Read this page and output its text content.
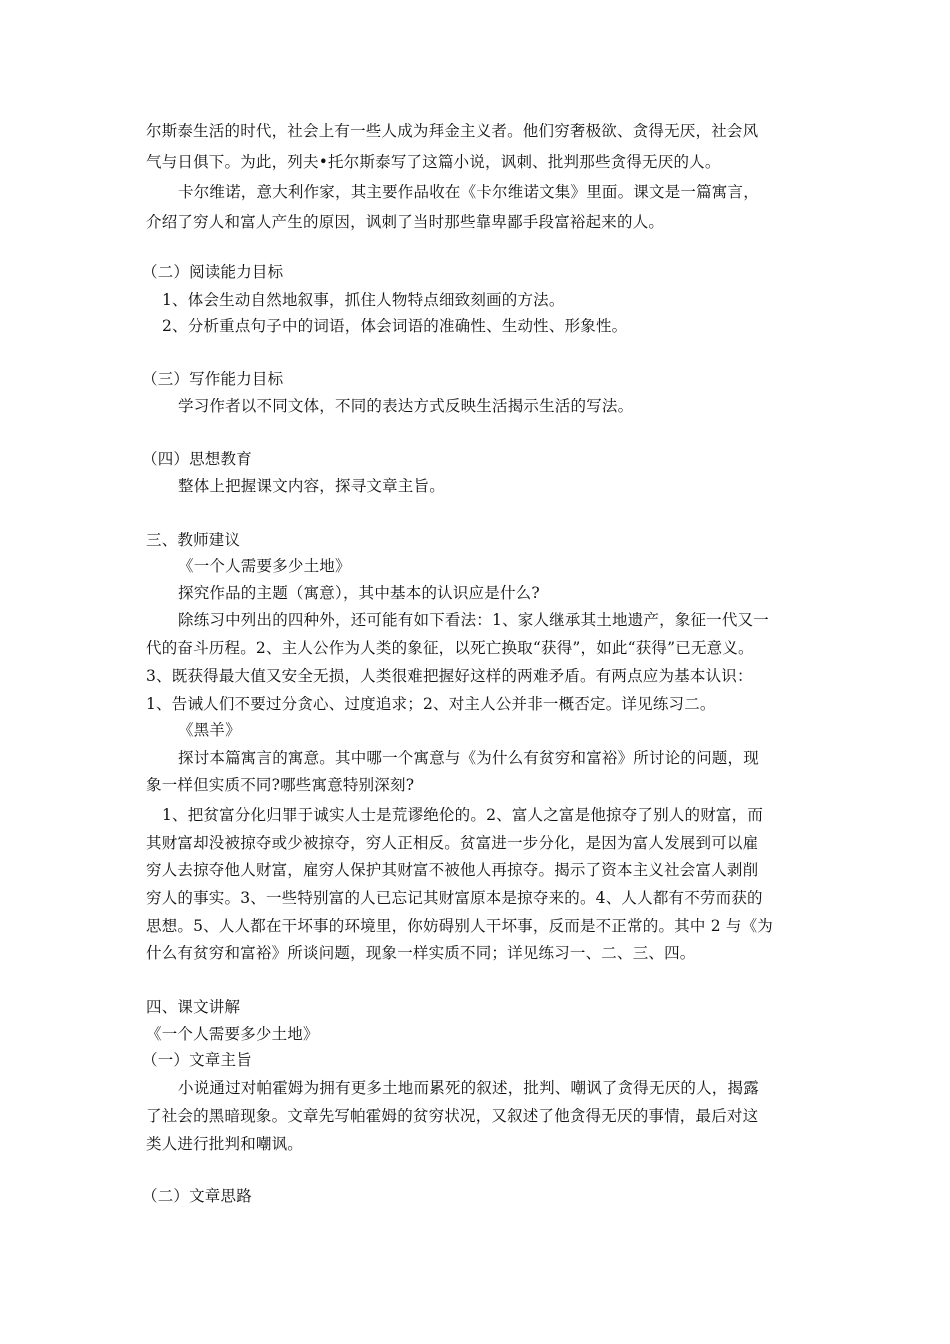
尔斯泰生活的时代，社会上有一些人成为拜金主义者。他们穷奢极欲、贪得无厌，社会风
气与日俱下。为此，列夫•托尔斯泰写了这篇小说，讽刺、批判那些贪得无厌的人。
卡尔维诺，意大利作家，其主要作品收在《卡尔维诺文集》里面。课文是一篇寓言，
介绍了穷人和富人产生的原因，讽刺了当时那些靠卑鄙手段富裕起来的人。
（二）阅读能力目标
1、体会生动自然地叙事，抓住人物特点细致刻画的方法。
2、分析重点句子中的词语，体会词语的准确性、生动性、形象性。
（三）写作能力目标
学习作者以不同文体，不同的表达方式反映生活揭示生活的写法。
（四）思想教育
整体上把握课文内容，探寻文章主旨。
三、教师建议
《一个人需要多少土地》
探究作品的主题（寓意），其中基本的认识应是什么?
除练习中列出的四种外，还可能有如下看法：1、家人继承其土地遗产，象征一代又一
代的奋斗历程。2、主人公作为人类的象征，以死亡换取“获得”，如此“获得”已无意义。
3、既获得最大值又安全无损，人类很难把握好这样的两难矛盾。有两点应为基本认识：
1、告诫人们不要过分贪心、过度追求；2、对主人公并非一概否定。详见练习二。
《黑羊》
探讨本篇寓言的寓意。其中哪一个寓意与《为什么有贫穷和富裕》所讨论的问题，现
象一样但实质不同?哪些寓意特别深刻?
1、把贫富分化归罪于诚实人士是荒谬绝伦的。2、富人之富是他掠夺了别人的财富，而
其财富却没被掠夺或少被掠夺，穷人正相反。贫富进一步分化，是因为富人发展到可以雇
穷人去掠夺他人财富，雇穷人保护其财富不被他人再掠夺。揭示了资本主义社会富人剥削
穷人的事实。3、一些特别富的人已忘记其财富原本是掠夺来的。4、人人都有不劳而获的
思想。5、人人都在干坏事的环境里，你妨碍别人干坏事，反而是不正常的。其中 2 与《为
什么有贫穷和富裕》所谈问题，现象一样实质不同；详见练习一、二、三、四。
四、课文讲解
《一个人需要多少土地》
（一）文章主旨
小说通过对帕霍姆为拥有更多土地而累死的叙述，批判、嘲讽了贪得无厌的人，揭露
了社会的黑暗现象。文章先写帕霍姆的贫穷状况，又叙述了他贪得无厌的事情，最后对这
类人进行批判和嘲讽。
（二）文章思路
